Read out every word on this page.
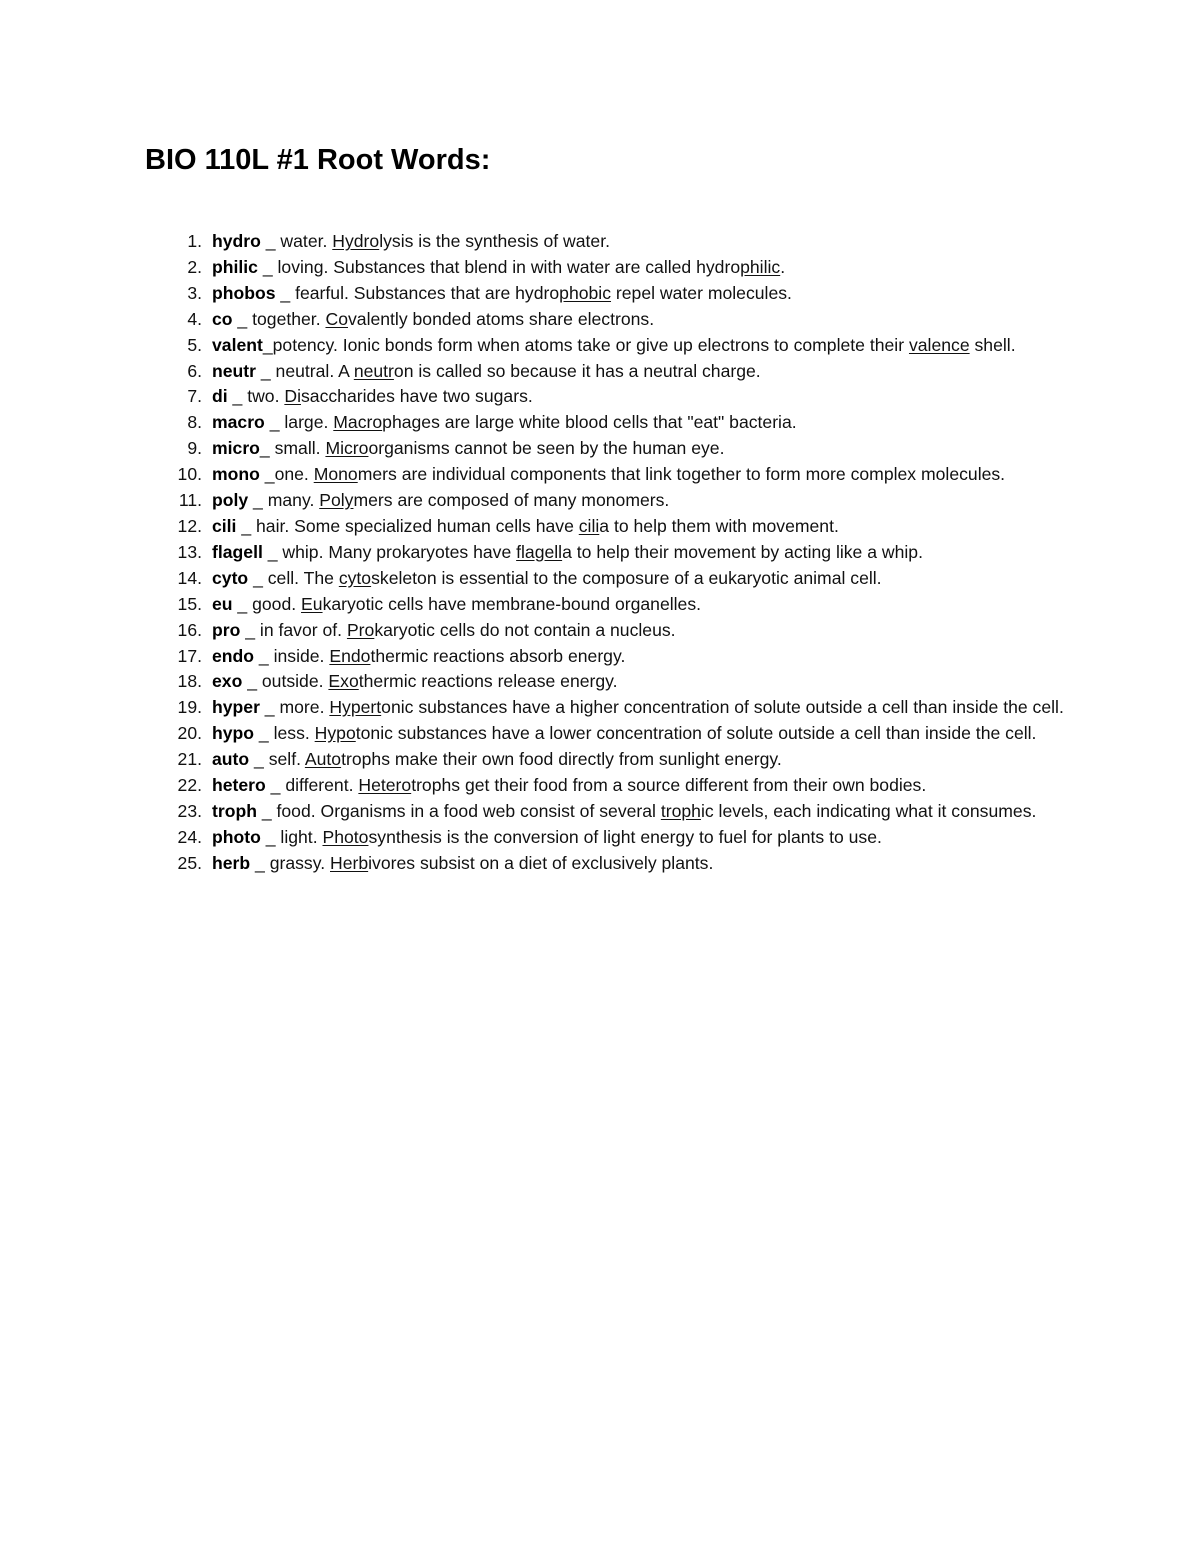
BIO 110L #1 Root Words:
1. hydro _ water. Hydrolysis is the synthesis of water.
2. philic _ loving. Substances that blend in with water are called hydrophilic.
3. phobos _ fearful. Substances that are hydrophobic repel water molecules.
4. co _ together. Covalently bonded atoms share electrons.
5. valent_potency. Ionic bonds form when atoms take or give up electrons to complete their valence shell.
6. neutr _ neutral. A neutron is called so because it has a neutral charge.
7. di _ two. Disaccharides have two sugars.
8. macro _ large. Macrophages are large white blood cells that "eat" bacteria.
9. micro_ small. Microorganisms cannot be seen by the human eye.
10. mono _one. Monomers are individual components that link together to form more complex molecules.
11. poly _ many. Polymers are composed of many monomers.
12. cili _ hair. Some specialized human cells have cilia to help them with movement.
13. flagell _ whip. Many prokaryotes have flagella to help their movement by acting like a whip.
14. cyto _ cell. The cytoskeleton is essential to the composure of a eukaryotic animal cell.
15. eu _ good. Eukaryotic cells have membrane-bound organelles.
16. pro _ in favor of. Prokaryotic cells do not contain a nucleus.
17. endo _ inside. Endothermic reactions absorb energy.
18. exo _ outside. Exothermic reactions release energy.
19. hyper _ more. Hypertonic substances have a higher concentration of solute outside a cell than inside the cell.
20. hypo _ less. Hypotonic substances have a lower concentration of solute outside a cell than inside the cell.
21. auto _ self. Autotrophs make their own food directly from sunlight energy.
22. hetero _ different. Heterotrophs get their food from a source different from their own bodies.
23. troph _ food. Organisms in a food web consist of several trophic levels, each indicating what it consumes.
24. photo _ light. Photosynthesis is the conversion of light energy to fuel for plants to use.
25. herb _ grassy. Herbivores subsist on a diet of exclusively plants.
